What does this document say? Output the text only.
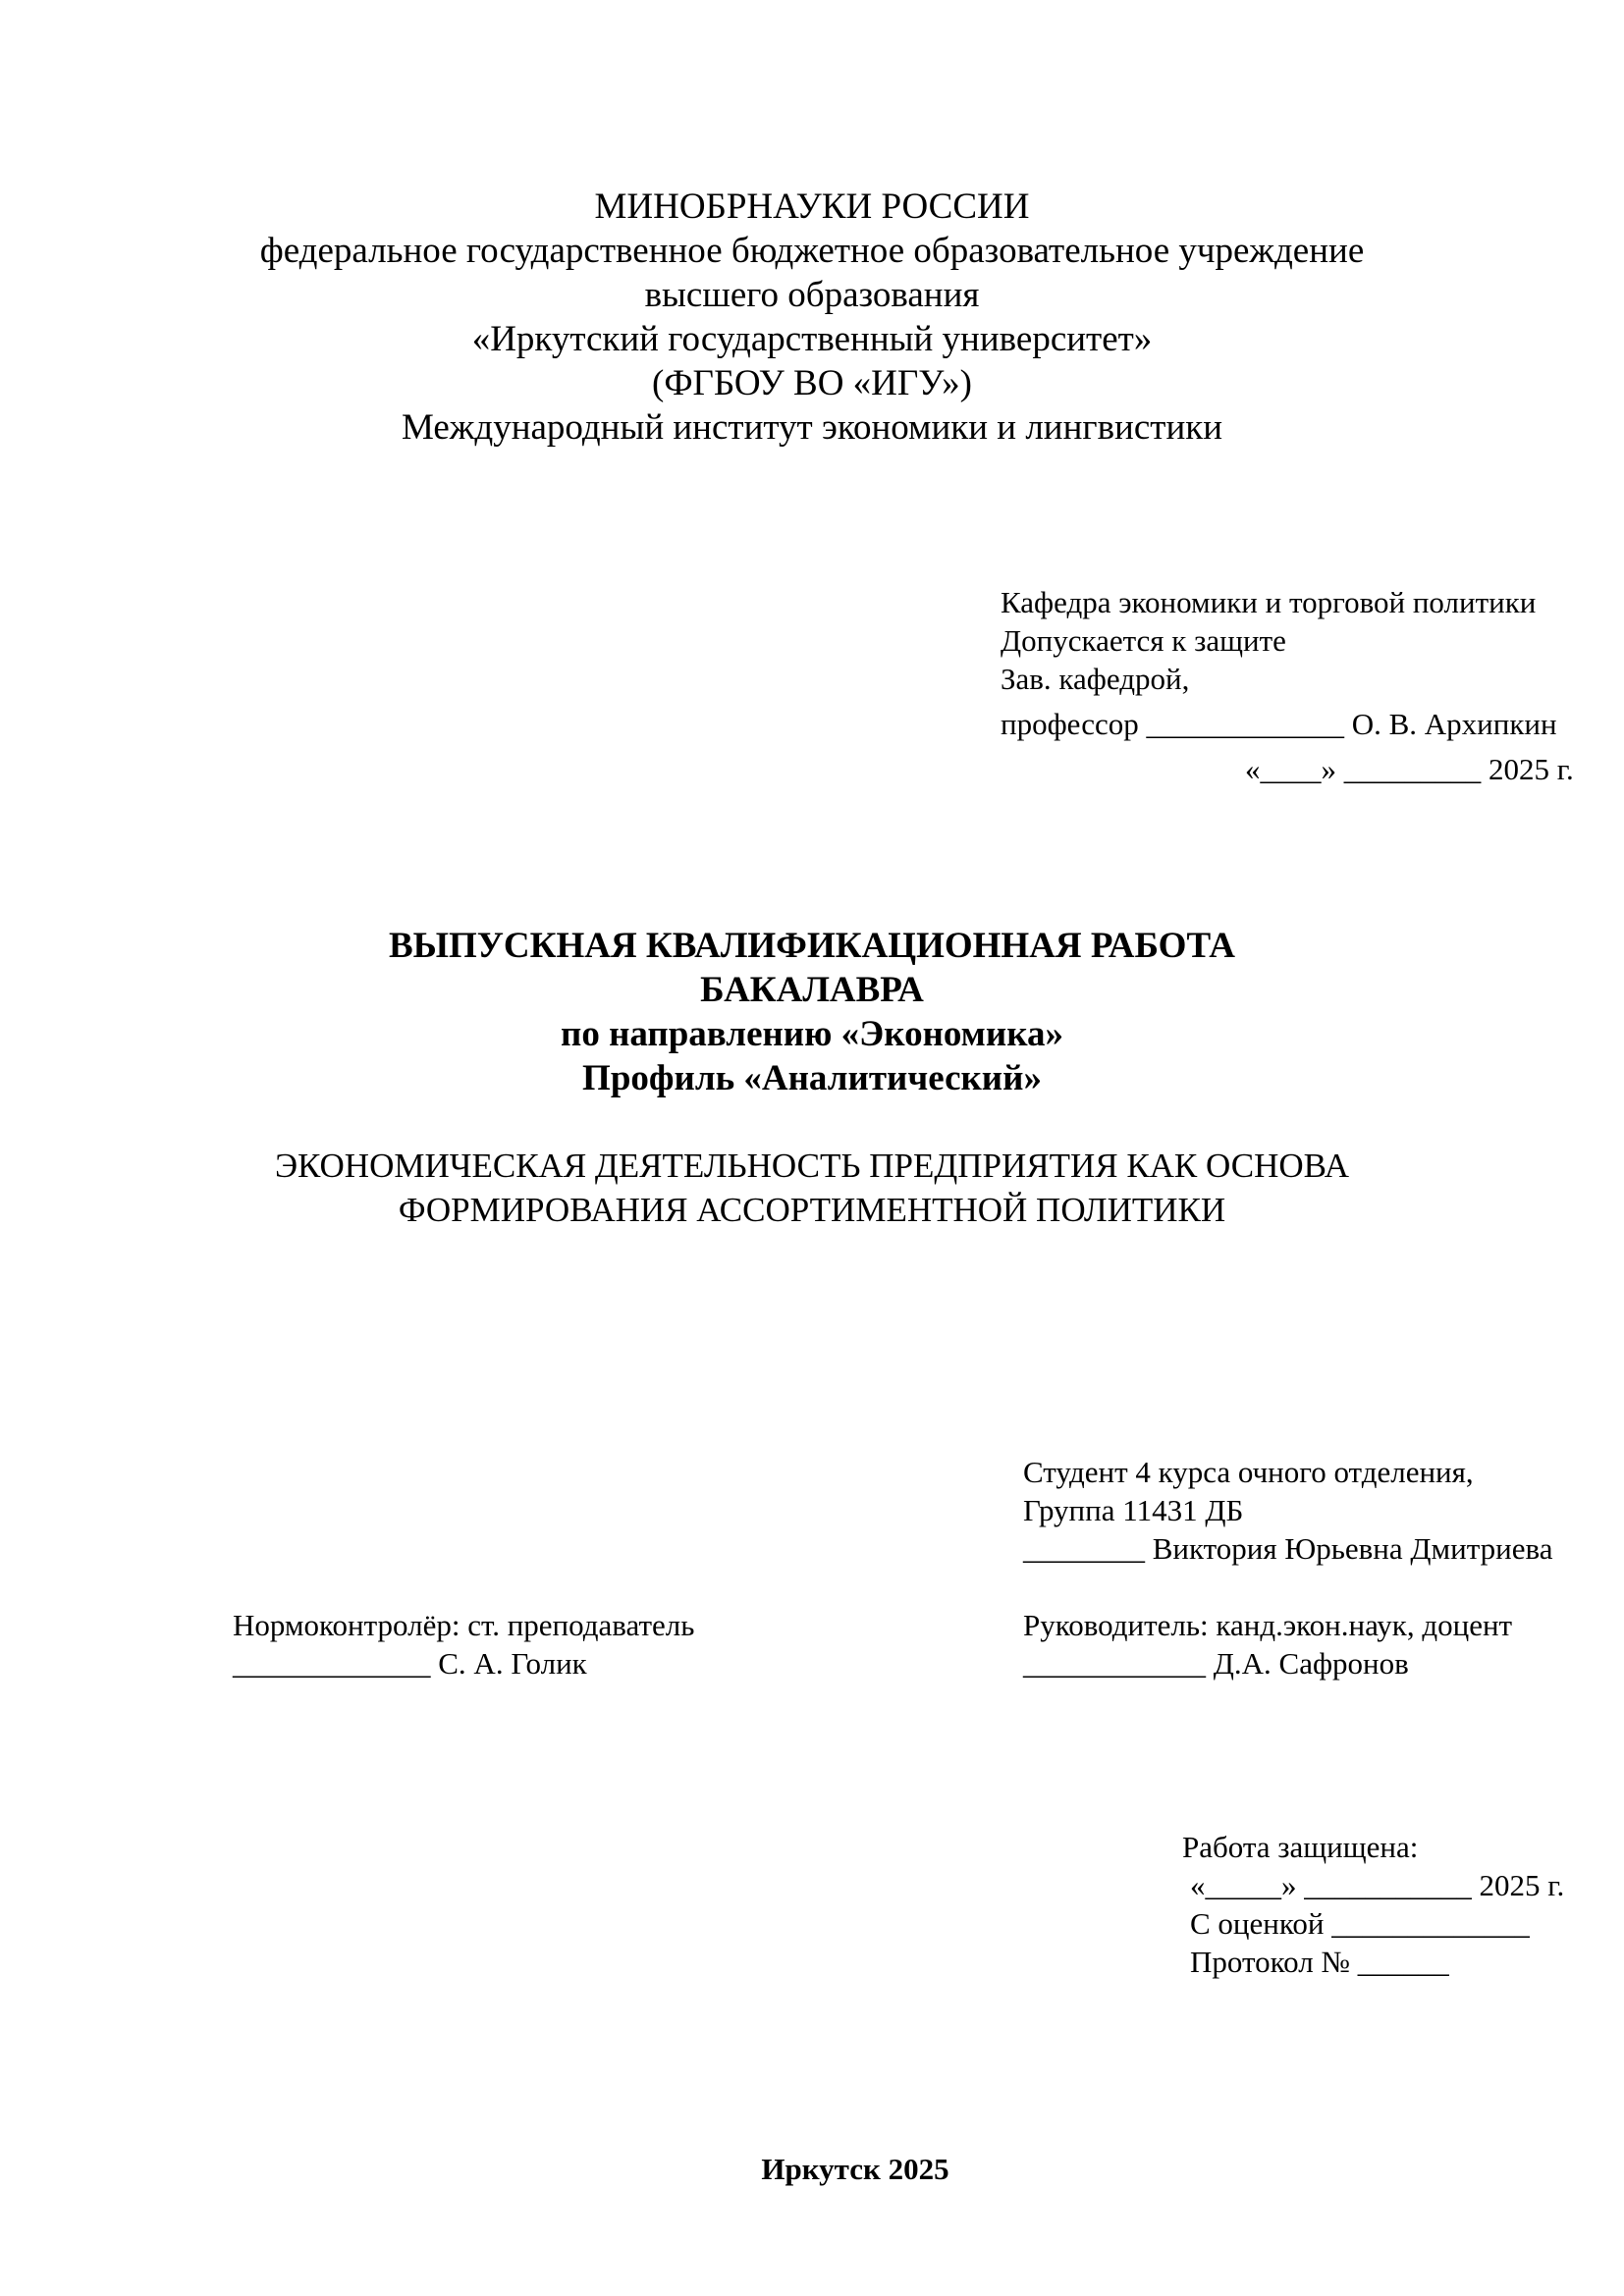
МИНОБРНАУКИ РОССИИ
федеральное государственное бюджетное образовательное учреждение
высшего образования
«Иркутский государственный университет»
(ФГБОУ ВО «ИГУ»)
Международный институт экономики и лингвистики
Кафедра экономики и торговой политики
Допускается к защите
Зав. кафедрой,
профессор _____________ О. В. Архипкин
«____» _________ 2025 г.
ВЫПУСКНАЯ КВАЛИФИКАЦИОННАЯ РАБОТА
БАКАЛАВРА
по направлению «Экономика»
Профиль «Аналитический»
ЭКОНОМИЧЕСКАЯ ДЕЯТЕЛЬНОСТЬ ПРЕДПРИЯТИЯ КАК ОСНОВА
ФОРМИРОВАНИЯ АССОРТИМЕНТНОЙ ПОЛИТИКИ
Студент 4 курса очного отделения,
Группа 11431 ДБ
________ Виктория Юрьевна Дмитриева
Нормоконтролёр: ст. преподаватель
_____________ С. А. Голик
Руководитель: канд.экон.наук, доцент
____________ Д.А. Сафронов
Работа защищена:
«_____» ___________ 2025 г.
С оценкой _____________
Протокол № ______
Иркутск 2025
